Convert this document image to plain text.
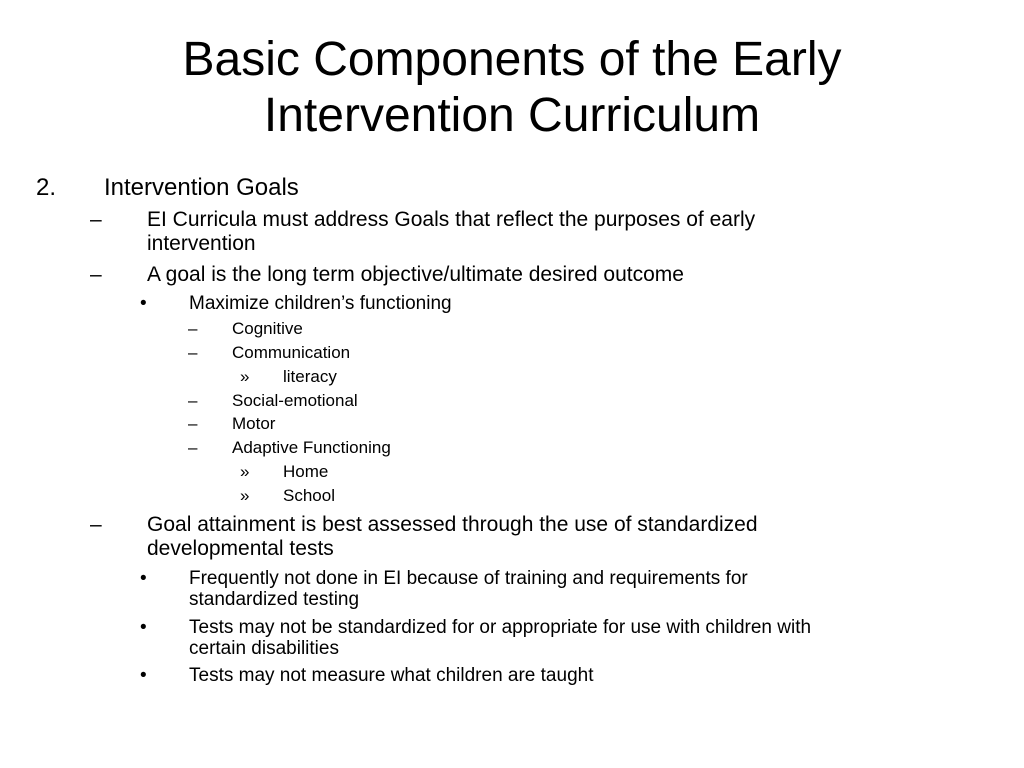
Basic Components of the Early
Intervention Curriculum
2. Intervention Goals
– EI Curricula must address Goals that reflect the purposes of early
intervention
– A goal is the long term objective/ultimate desired outcome
• Maximize children’s functioning
– Cognitive
– Communication
» literacy
– Social-emotional
– Motor
– Adaptive Functioning
» Home
» School
– Goal attainment is best assessed through the use of standardized
developmental tests
• Frequently not done in EI because of training and requirements for
standardized testing
• Tests may not be standardized for or appropriate for use with children with
certain disabilities
• Tests may not measure what children are taught
